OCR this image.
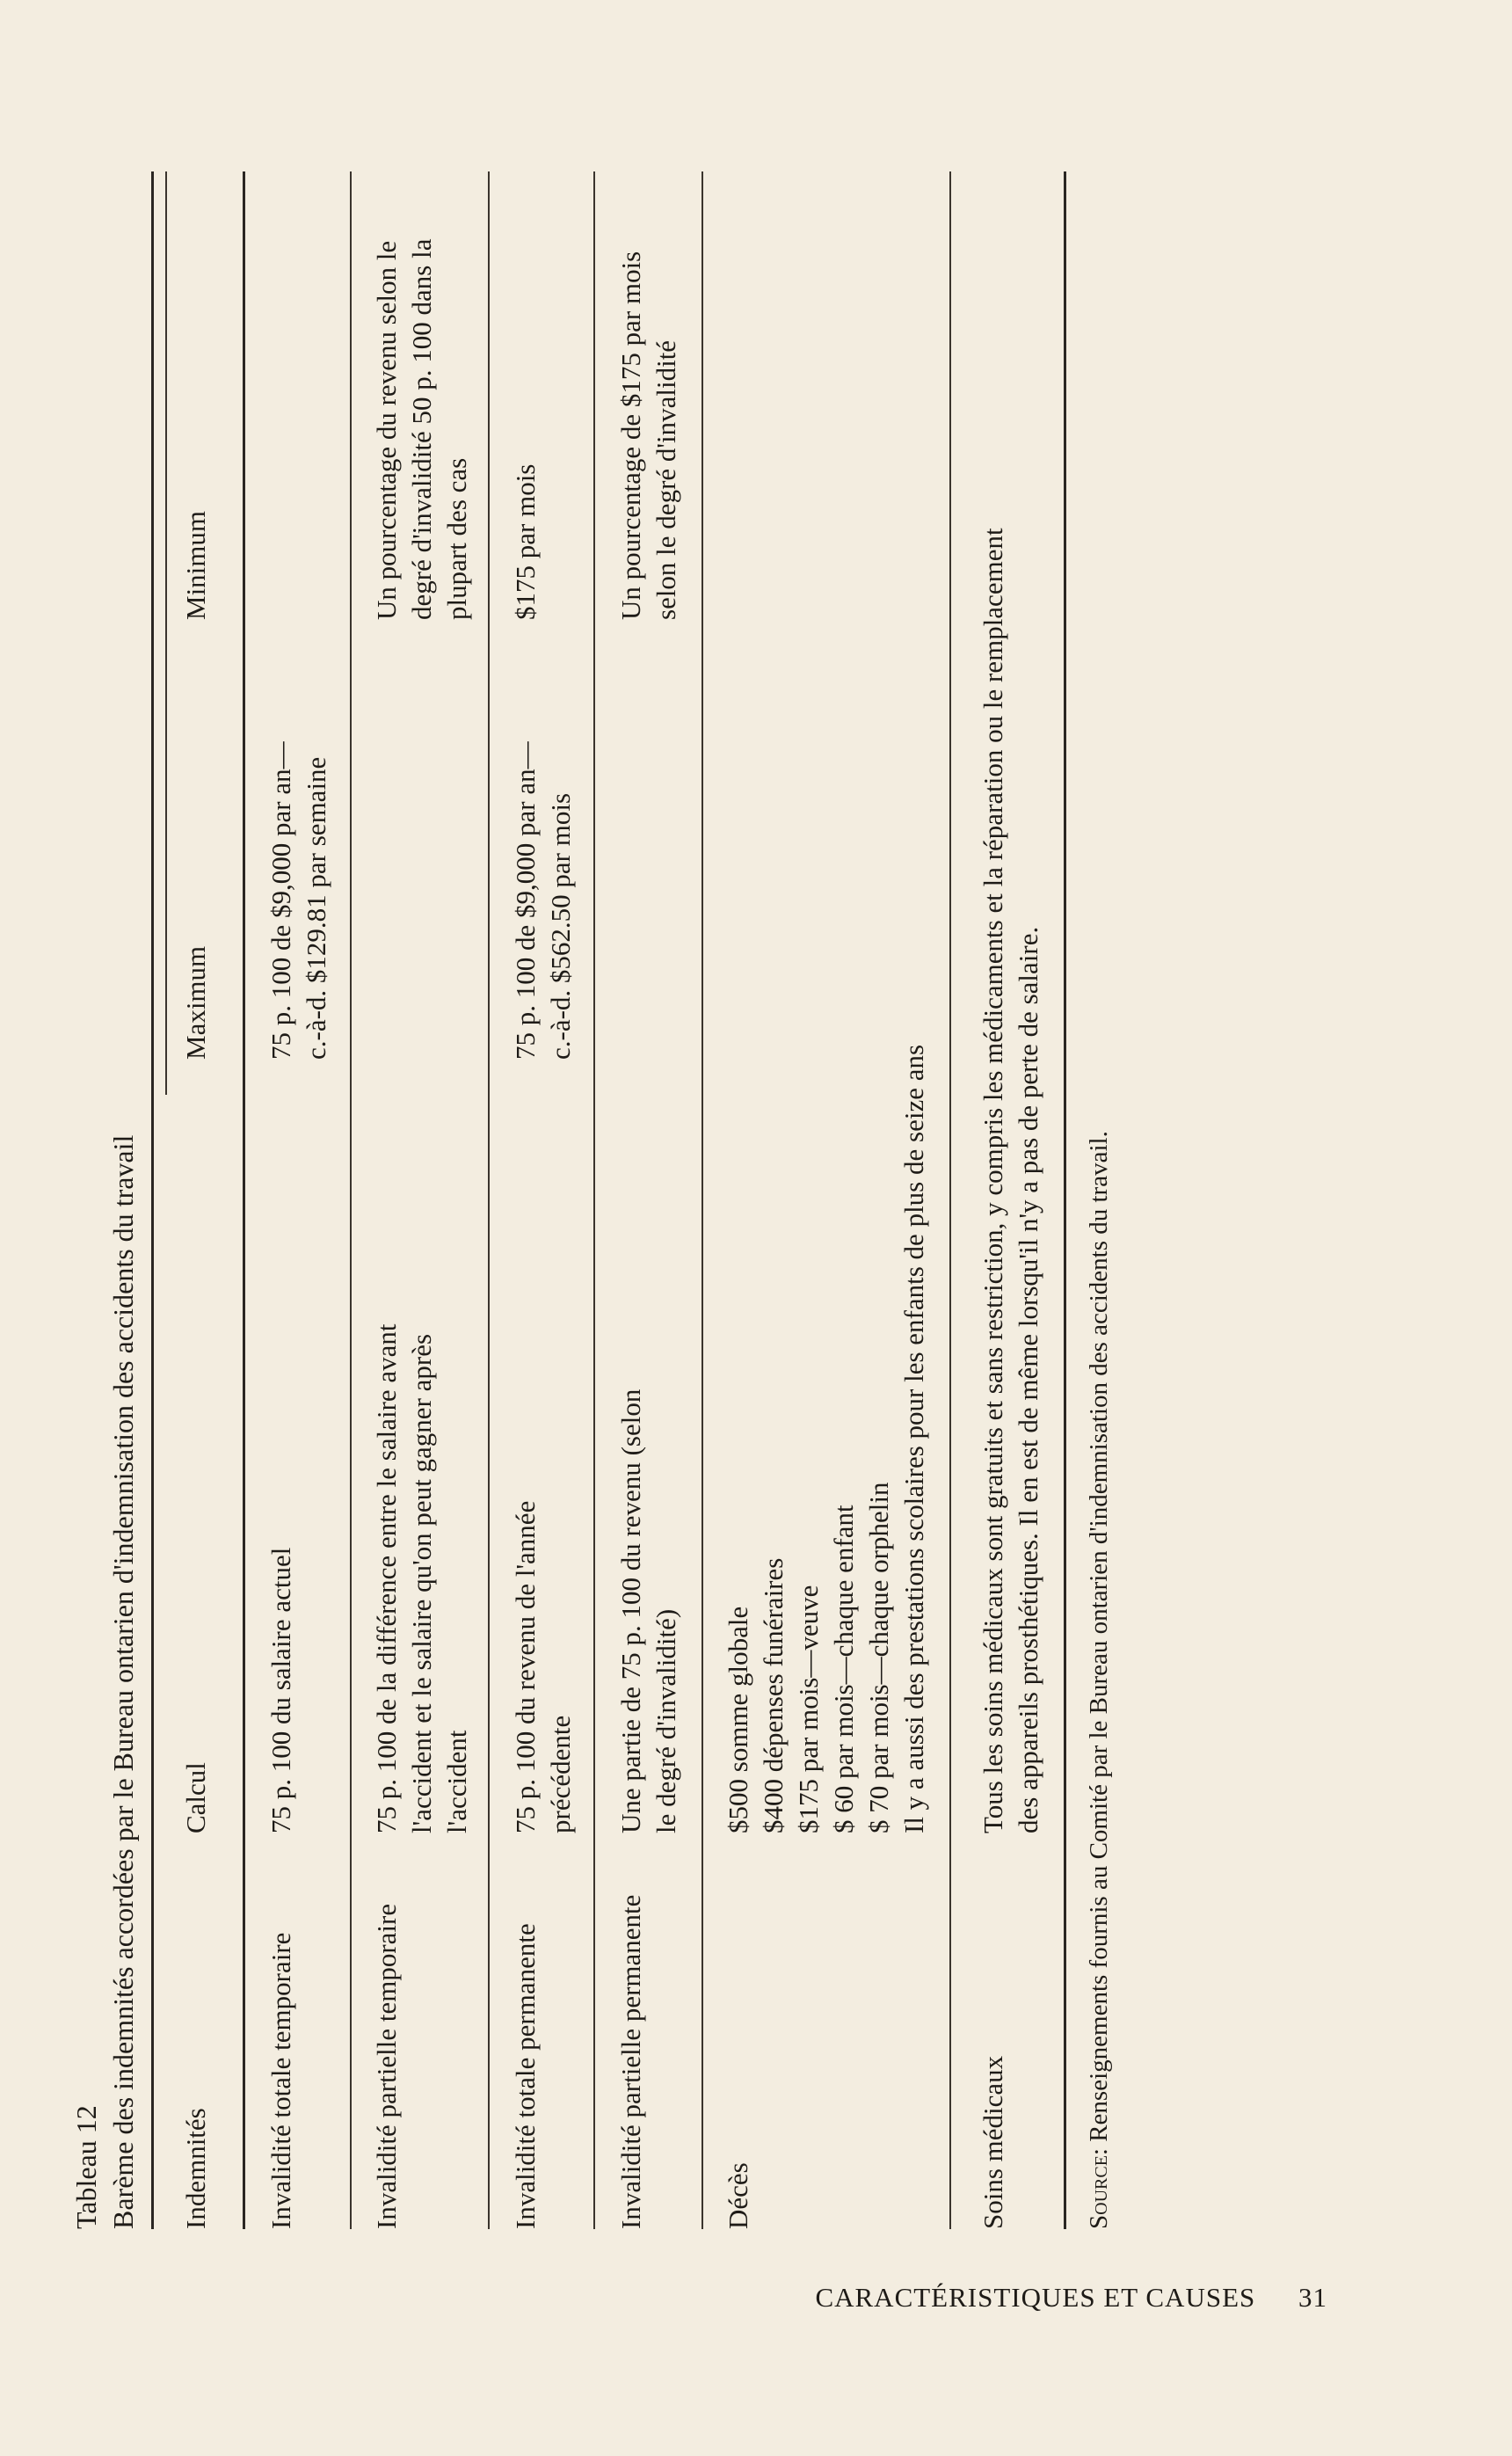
Tableau 12 Barème des indemnités accordées par le Bureau ontarien d'indemnisation des accidents du travail Indemnités
Calcul
Maximum
Minimum
Invalidité totale temporaire
75 p. 100 du salaire actuel
75 p. 100 de $9,000 par an— c.-à-d. $129.81 par semaine
Invalidité partielle temporaire
75 p. 100 de la différence entre le salaire avant l'accident et le salaire qu'on peut gagner après l'accident
Un pourcentage du revenu selon le degré d'invalidité 50 p. 100 dans la plupart des cas
Invalidité totale permanente
75 p. 100 du revenu de l'année précédente
75 p. 100 de $9,000 par an— c.-à-d. $562.50 par mois
$175 par mois
Invalidité partielle permanente
Une partie de 75 p. 100 du revenu (selon le degré d'invalidité)
Un pourcentage de $175 par mois selon le degré d'invalidité
Décès
$500 somme globale $400 dépenses funéraires $175 par mois—veuve $ 60 par mois—chaque enfant $ 70 par mois—chaque orphelin Il y a aussi des prestations scolaires pour les enfants de plus de seize ans
Soins médicaux
Tous les soins médicaux sont gratuits et sans restriction, y compris les médicaments et la réparation ou le remplacement des appareils prosthétiques. Il en est de même lorsqu'il n'y a pas de perte de salaire.
Source: Renseignements fournis au Comité par le Bureau ontarien d'indemnisation des accidents du travail.
CARACTÉRISTIQUES ET CAUSES 31
